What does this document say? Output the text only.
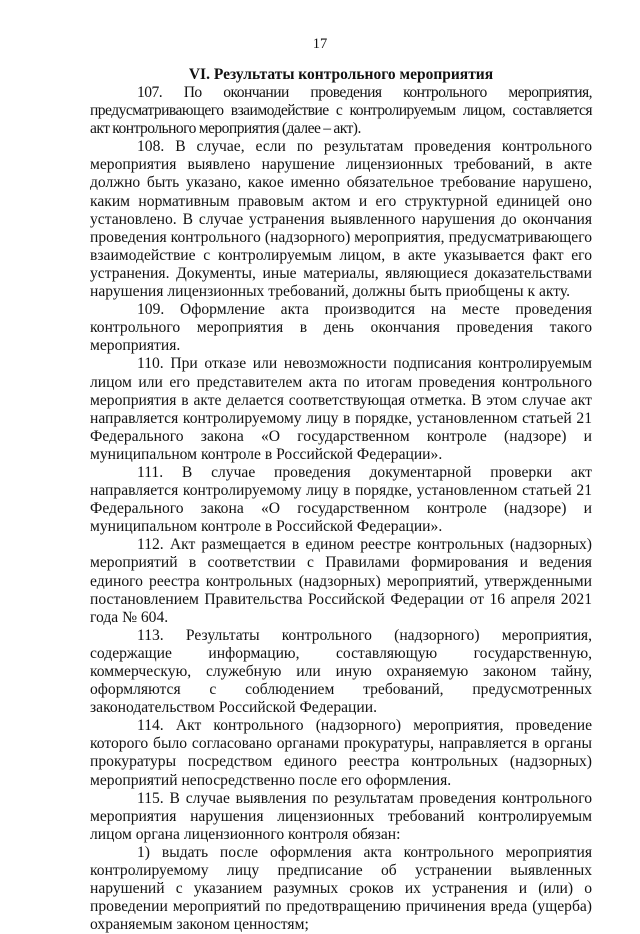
17
VI. Результаты контрольного мероприятия

107. По окончании проведения контрольного мероприятия, предусматривающего взаимодействие с контролируемым лицом, составляется акт контрольного мероприятия (далее – акт).

108. В случае, если по результатам проведения контрольного мероприятия выявлено нарушение лицензионных требований, в акте должно быть указано, какое именно обязательное требование нарушено, каким нормативным правовым актом и его структурной единицей оно установлено. В случае устранения выявленного нарушения до окончания проведения контрольного (надзорного) мероприятия, предусматривающего взаимодействие с контролируемым лицом, в акте указывается факт его устранения. Документы, иные материалы, являющиеся доказательствами нарушения лицензионных требований, должны быть приобщены к акту.

109. Оформление акта производится на месте проведения контрольного мероприятия в день окончания проведения такого мероприятия.

110. При отказе или невозможности подписания контролируемым лицом или его представителем акта по итогам проведения контрольного мероприятия в акте делается соответствующая отметка. В этом случае акт направляется контролируемому лицу в порядке, установленном статьей 21 Федерального закона «О государственном контроле (надзоре) и муниципальном контроле в Российской Федерации».

111. В случае проведения документарной проверки акт направляется контролируемому лицу в порядке, установленном статьей 21 Федерального закона «О государственном контроле (надзоре) и муниципальном контроле в Российской Федерации».

112. Акт размещается в едином реестре контрольных (надзорных) мероприятий в соответствии с Правилами формирования и ведения единого реестра контрольных (надзорных) мероприятий, утвержденными постановлением Правительства Российской Федерации от 16 апреля 2021 года № 604.

113. Результаты контрольного (надзорного) мероприятия, содержащие информацию, составляющую государственную, коммерческую, служебную или иную охраняемую законом тайну, оформляются с соблюдением требований, предусмотренных законодательством Российской Федерации.

114. Акт контрольного (надзорного) мероприятия, проведение которого было согласовано органами прокуратуры, направляется в органы прокуратуры посредством единого реестра контрольных (надзорных) мероприятий непосредственно после его оформления.

115. В случае выявления по результатам проведения контрольного мероприятия нарушения лицензионных требований контролируемым лицом органа лицензионного контроля обязан:

1) выдать после оформления акта контрольного мероприятия контролируемому лицу предписание об устранении выявленных нарушений с указанием разумных сроков их устранения и (или) о проведении мероприятий по предотвращению причинения вреда (ущерба) охраняемым законом ценностям;
